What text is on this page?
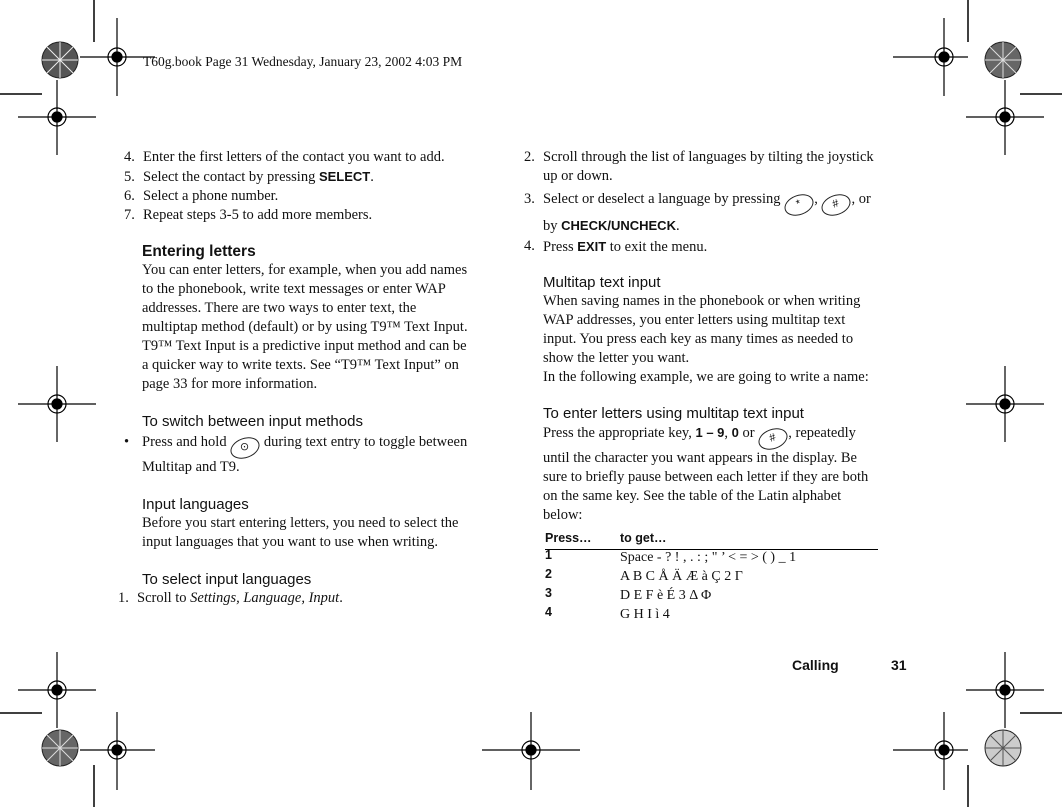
T60g.book Page 31 Wednesday, January 23, 2002 4:03 PM
4. Enter the first letters of the contact you want to add.
5. Select the contact by pressing SELECT.
6. Select a phone number.
7. Repeat steps 3-5 to add more members.
Entering letters
You can enter letters, for example, when you add names
to the phonebook, write text messages or enter WAP
addresses. There are two ways to enter text, the
multiptap method (default) or by using T9™ Text Input.
T9™ Text Input is a predictive input method and can be
a quicker way to write texts. See “T9™ Text Input” on
page 33 for more information.
To switch between input methods
• Press and hold ⊙ during text entry to toggle between
Multitap and T9.
Input languages
Before you start entering letters, you need to select the
input languages that you want to use when writing.
To select input languages
1. Scroll to Settings, Language, Input.
2. Scroll through the list of languages by tilting the joystick
up or down.
3. Select or deselect a language by pressing * , # , or
by CHECK/UNCHECK.
4. Press EXIT to exit the menu.
Multitap text input
When saving names in the phonebook or when writing
WAP addresses, you enter letters using multitap text
input. You press each key as many times as needed to
show the letter you want.
In the following example, we are going to write a name:
To enter letters using multitap text input
Press the appropriate key, 1 – 9, 0 or # , repeatedly
until the character you want appears in the display. Be
sure to briefly pause between each letter if they are both
on the same key. See the table of the Latin alphabet
below:
Press… to get…
1	Space - ? ! , . : ; " ’ < = > ( ) _ 1
2	A B C Å Ä Æ à Ç 2 Γ
3	D E F è É 3 Δ Φ
4	G H I ì 4
Calling	31
